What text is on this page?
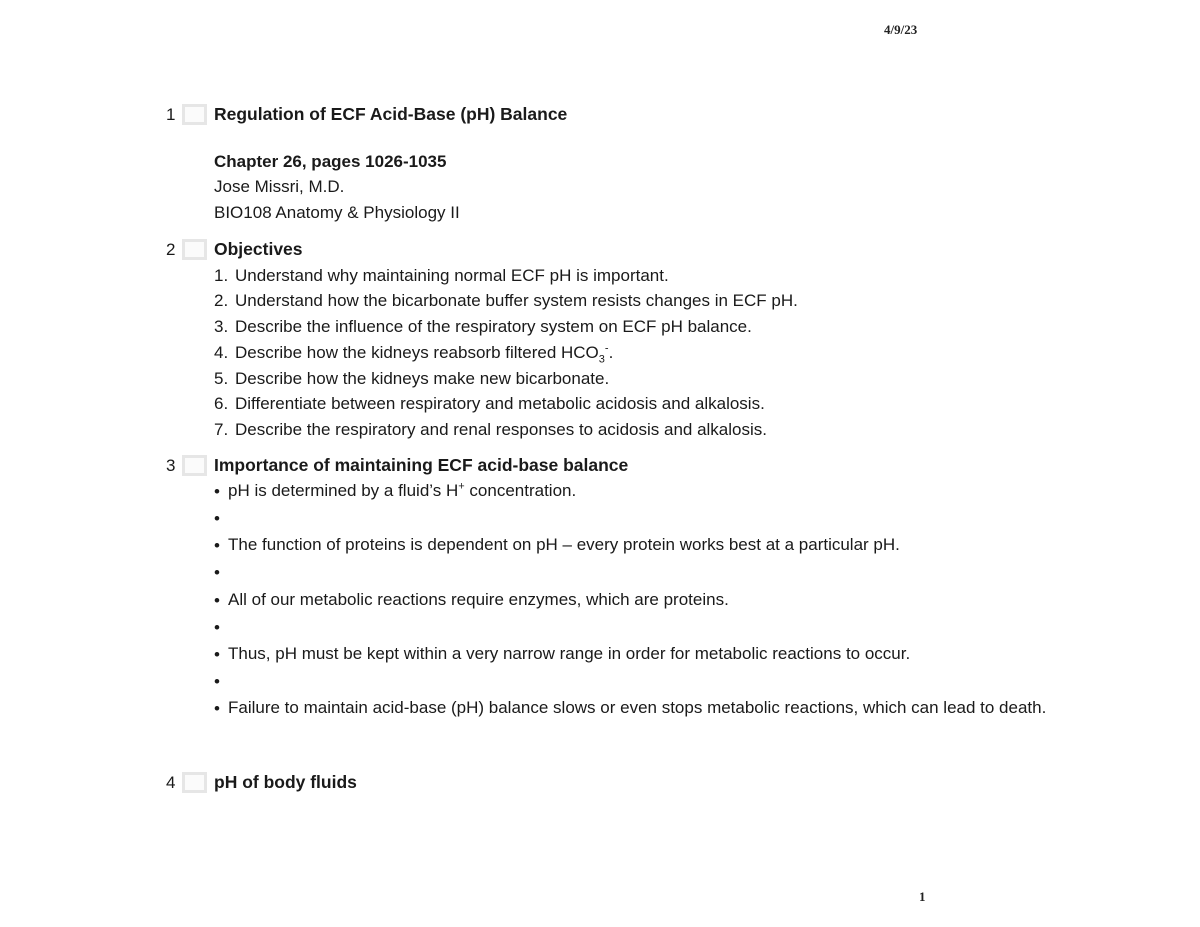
4/9/23
1 Regulation of ECF Acid-Base (pH) Balance
Chapter 26, pages 1026-1035
Jose Missri, M.D.
BIO108 Anatomy & Physiology II
2 Objectives
1. Understand why maintaining normal ECF pH is important.
2. Understand how the bicarbonate buffer system resists changes in ECF pH.
3. Describe the influence of the respiratory system on ECF pH balance.
4. Describe how the kidneys reabsorb filtered $HCO_3^-$.
5. Describe how the kidneys make new bicarbonate.
6. Differentiate between respiratory and metabolic acidosis and alkalosis.
7. Describe the respiratory and renal responses to acidosis and alkalosis.
3 Importance of maintaining ECF acid-base balance
• pH is determined by a fluid’s H+ concentration.
•
• The function of proteins is dependent on pH – every protein works best at a particular pH.
•
• All of our metabolic reactions require enzymes, which are proteins.
•
• Thus, pH must be kept within a very narrow range in order for metabolic reactions to occur.
•
• Failure to maintain acid-base (pH) balance slows or even stops metabolic reactions, which can lead to death.
4 pH of body fluids
1
